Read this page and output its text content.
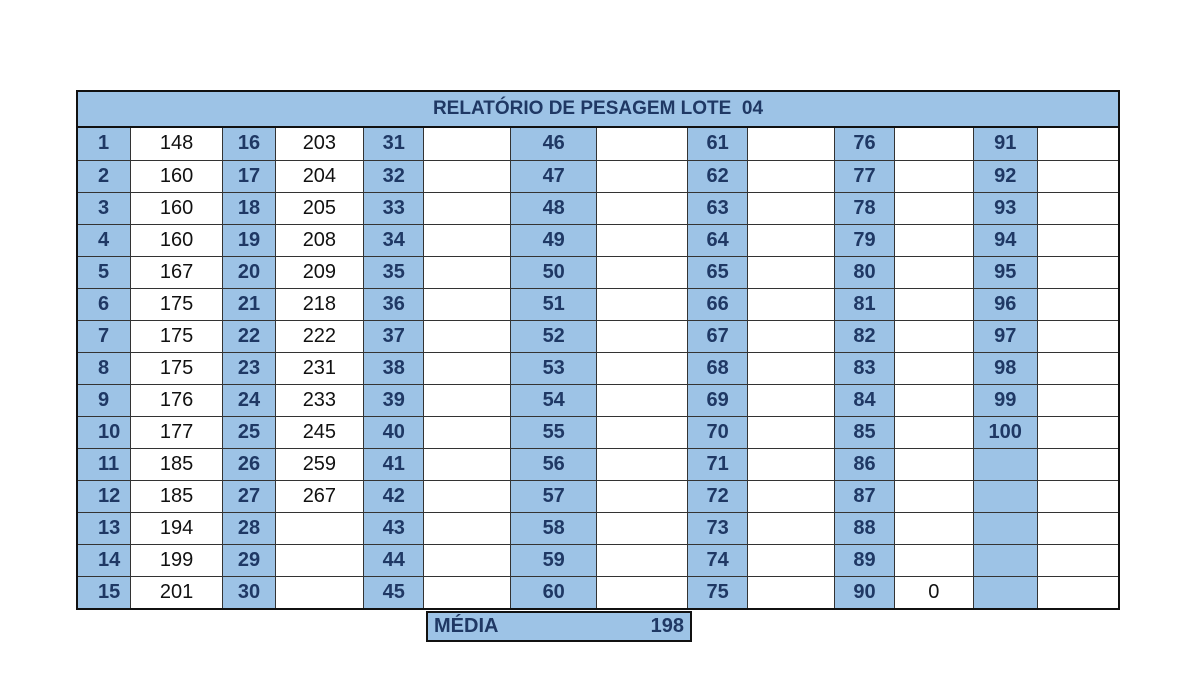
RELATÓRIO DE PESAGEM LOTE  04
1	148	16	203	31		46		61		76		91	
2	160	17	204	32		47		62		77		92	
3	160	18	205	33		48		63		78		93	
4	160	19	208	34		49		64		79		94	
5	167	20	209	35		50		65		80		95	
6	175	21	218	36		51		66		81		96	
7	175	22	222	37		52		67		82		97	
8	175	23	231	38		53		68		83		98	
9	176	24	233	39		54		69		84		99	
10	177	25	245	40		55		70		85		100	
11	185	26	259	41		56		71		86			
12	185	27	267	42		57		72		87			
13	194	28		43		58		73		88			
14	199	29		44		59		74		89			
15	201	30		45		60		75		90	0		
MÉDIA	198
